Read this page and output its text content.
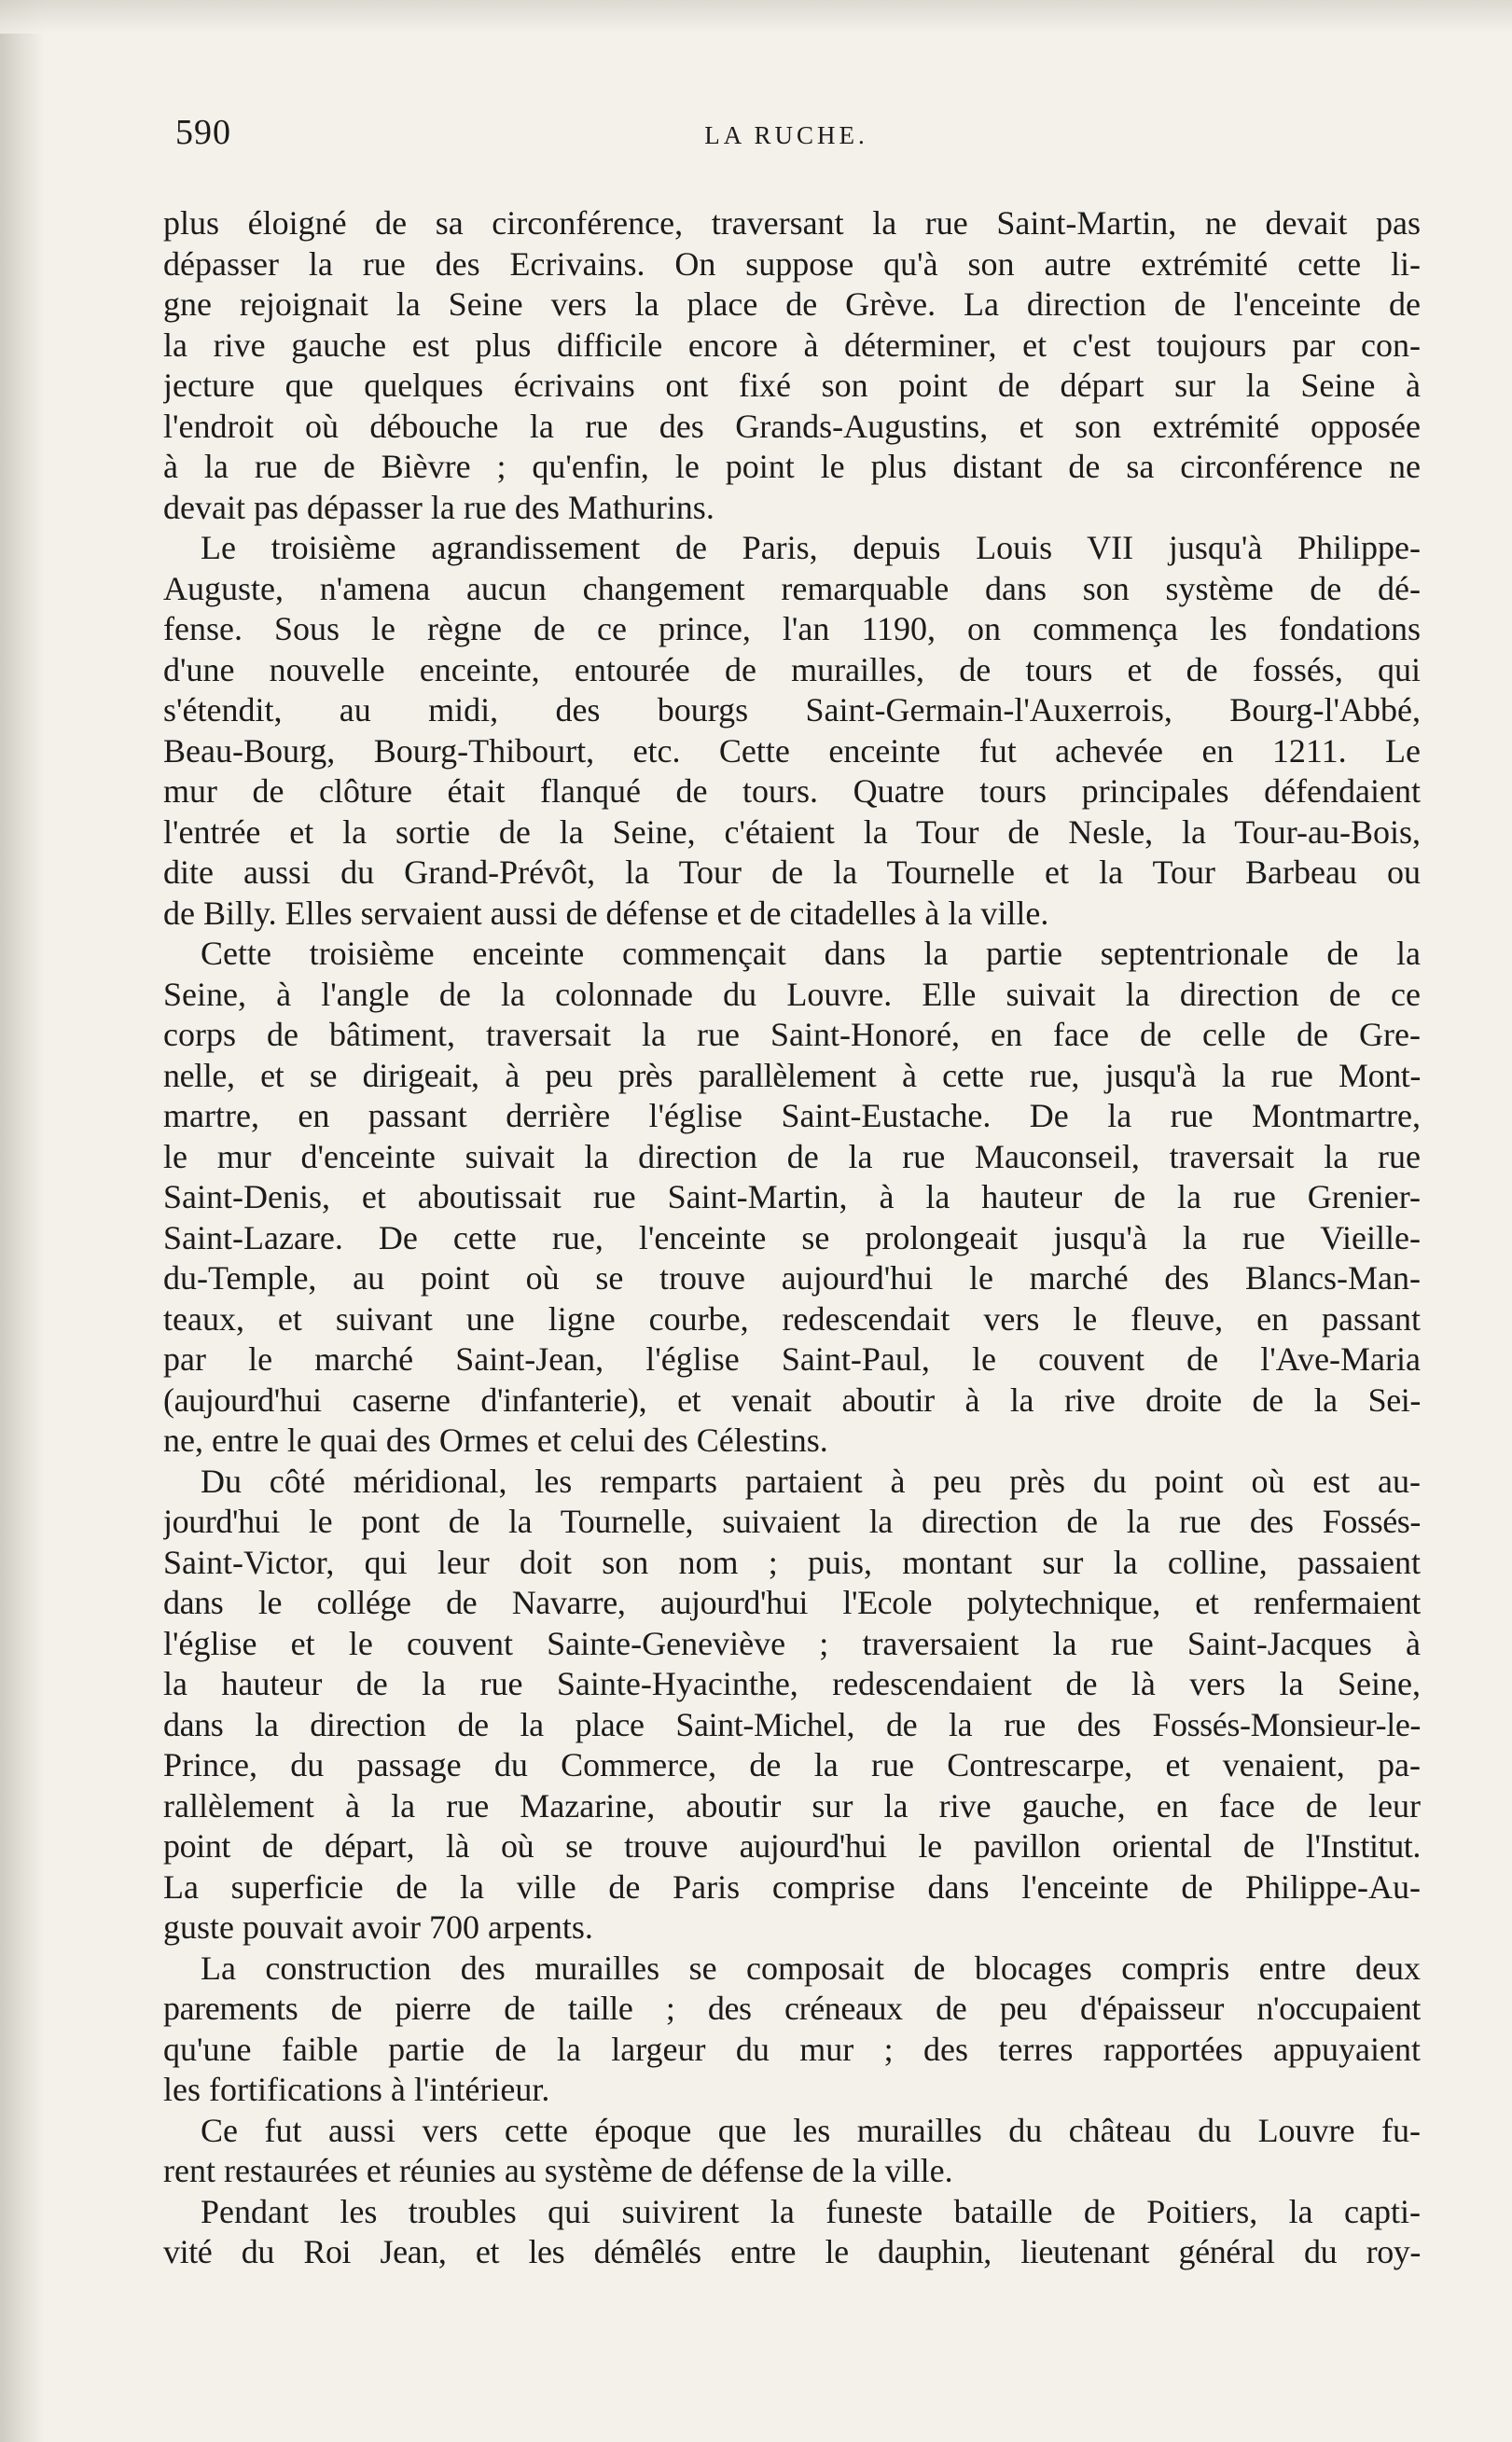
590	LA RUCHE.
plus éloigné de sa circonférence, traversant la rue Saint-Martin, ne devait pas
dépasser la rue des Ecrivains. On suppose qu'à son autre extrémité cette li-
gne rejoignait la Seine vers la place de Grève. La direction de l'enceinte de
la rive gauche est plus difficile encore à déterminer, et c'est toujours par con-
jecture que quelques écrivains ont fixé son point de départ sur la Seine à
l'endroit où débouche la rue des Grands-Augustins, et son extrémité opposée
à la rue de Bièvre ; qu'enfin, le point le plus distant de sa circonférence ne
devait pas dépasser la rue des Mathurins.
Le troisième agrandissement de Paris, depuis Louis VII jusqu'à Philippe-
Auguste, n'amena aucun changement remarquable dans son système de dé-
fense. Sous le règne de ce prince, l'an 1190, on commença les fondations
d'une nouvelle enceinte, entourée de murailles, de tours et de fossés, qui
s'étendit, au midi, des bourgs Saint-Germain-l'Auxerrois, Bourg-l'Abbé,
Beau-Bourg, Bourg-Thibourt, etc. Cette enceinte fut achevée en 1211. Le
mur de clôture était flanqué de tours. Quatre tours principales défendaient
l'entrée et la sortie de la Seine, c'étaient la Tour de Nesle, la Tour-au-Bois,
dite aussi du Grand-Prévôt, la Tour de la Tournelle et la Tour Barbeau ou
de Billy. Elles servaient aussi de défense et de citadelles à la ville.
Cette troisième enceinte commençait dans la partie septentrionale de la
Seine, à l'angle de la colonnade du Louvre. Elle suivait la direction de ce
corps de bâtiment, traversait la rue Saint-Honoré, en face de celle de Gre-
nelle, et se dirigeait, à peu près parallèlement à cette rue, jusqu'à la rue Mont-
martre, en passant derrière l'église Saint-Eustache. De la rue Montmartre,
le mur d'enceinte suivait la direction de la rue Mauconseil, traversait la rue
Saint-Denis, et aboutissait rue Saint-Martin, à la hauteur de la rue Grenier-
Saint-Lazare. De cette rue, l'enceinte se prolongeait jusqu'à la rue Vieille-
du-Temple, au point où se trouve aujourd'hui le marché des Blancs-Man-
teaux, et suivant une ligne courbe, redescendait vers le fleuve, en passant
par le marché Saint-Jean, l'église Saint-Paul, le couvent de l'Ave-Maria
(aujourd'hui caserne d'infanterie), et venait aboutir à la rive droite de la Sei-
ne, entre le quai des Ormes et celui des Célestins.
Du côté méridional, les remparts partaient à peu près du point où est au-
jourd'hui le pont de la Tournelle, suivaient la direction de la rue des Fossés-
Saint-Victor, qui leur doit son nom ; puis, montant sur la colline, passaient
dans le collége de Navarre, aujourd'hui l'Ecole polytechnique, et renfermaient
l'église et le couvent Sainte-Geneviève ; traversaient la rue Saint-Jacques à
la hauteur de la rue Sainte-Hyacinthe, redescendaient de là vers la Seine,
dans la direction de la place Saint-Michel, de la rue des Fossés-Monsieur-le-
Prince, du passage du Commerce, de la rue Contrescarpe, et venaient, pa-
rallèlement à la rue Mazarine, aboutir sur la rive gauche, en face de leur
point de départ, là où se trouve aujourd'hui le pavillon oriental de l'Institut.
La superficie de la ville de Paris comprise dans l'enceinte de Philippe-Au-
guste pouvait avoir 700 arpents.
La construction des murailles se composait de blocages compris entre deux
parements de pierre de taille ; des créneaux de peu d'épaisseur n'occupaient
qu'une faible partie de la largeur du mur ; des terres rapportées appuyaient
les fortifications à l'intérieur.
Ce fut aussi vers cette époque que les murailles du château du Louvre fu-
rent restaurées et réunies au système de défense de la ville.
Pendant les troubles qui suivirent la funeste bataille de Poitiers, la capti-
vité du Roi Jean, et les démêlés entre le dauphin, lieutenant général du roy-
